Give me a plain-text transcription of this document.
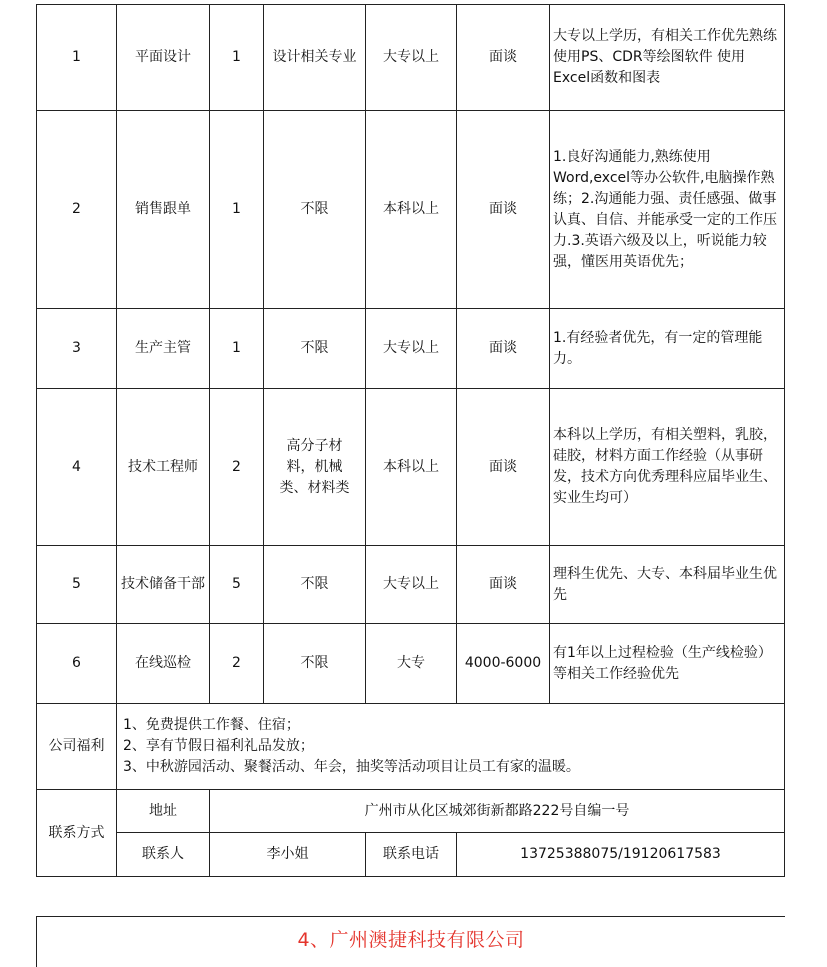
1	平面设计	1	设计相关专业	大专以上	面谈	大专以上学历，有相关工作优先熟练使用PS、CDR等绘图软件 使用Excel函数和图表
2	销售跟单	1	不限	本科以上	面谈	1.良好沟通能力,熟练使用Word,excel等办公软件,电脑操作熟练；2.沟通能力强、责任感强、做事认真、自信、并能承受一定的工作压力.3.英语六级及以上，听说能力较强，懂医用英语优先；
3	生产主管	1	不限	大专以上	面谈	1.有经验者优先，有一定的管理能力。
4	技术工程师	2	高分子材料，机械类、材料类	本科以上	面谈	本科以上学历，有相关塑料，乳胶，硅胶，材料方面工作经验（从事研发，技术方向优秀理科应届毕业生、实业生均可）
5	技术储备干部	5	不限	大专以上	面谈	理科生优先、大专、本科届毕业生优先
6	在线巡检	2	不限	大专	4000-6000	有1年以上过程检验（生产线检验）等相关工作经验优先
公司福利	1、免费提供工作餐、住宿；
2、享有节假日福利礼品发放；
3、中秋游园活动、聚餐活动、年会，抽奖等活动项目让员工有家的温暖。					

联系方式	地址	广州市从化区城郊街新都路222号自编一号				
	联系人	李小姐		联系电话	13725388075/19120617583	
4、广州澳捷科技有限公司
